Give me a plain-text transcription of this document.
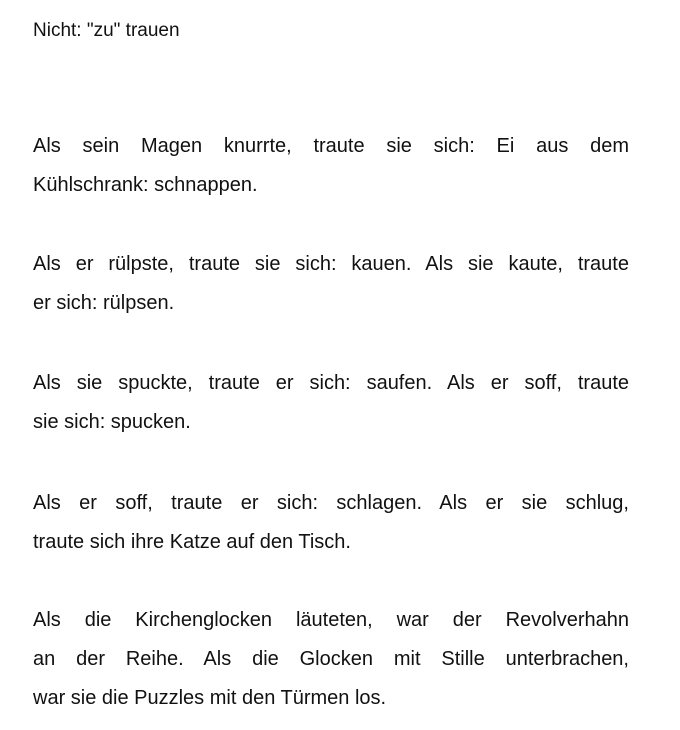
Nicht: "zu" trauen
Als sein Magen knurrte, traute sie sich: Ei aus dem
Kühlschrank: schnappen.
Als er rülpste, traute sie sich: kauen. Als sie kaute, traute
er sich: rülpsen.
Als sie spuckte, traute er sich: saufen. Als er soff, traute
sie sich: spucken.
Als er soff, traute er sich: schlagen. Als er sie schlug,
traute sich ihre Katze auf den Tisch.
Als die Kirchenglocken läuteten, war der Revolverhahn
an der Reihe. Als die Glocken mit Stille unterbrachen,
war sie die Puzzles mit den Türmen los.
